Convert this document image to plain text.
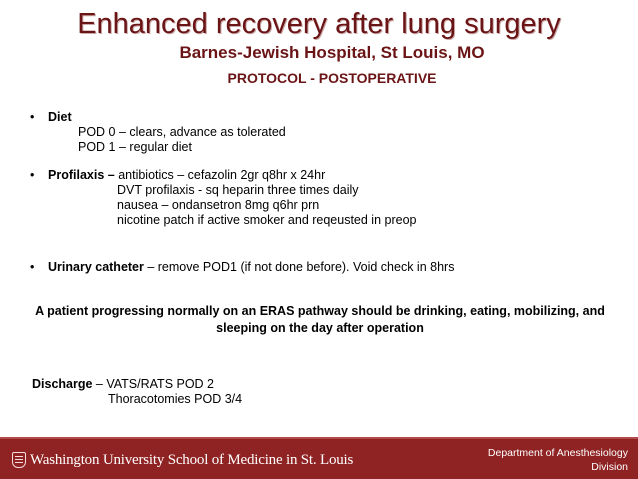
Enhanced recovery after lung surgery
Barnes-Jewish Hospital, St Louis, MO
PROTOCOL - POSTOPERATIVE
• Diet
POD 0 – clears, advance as tolerated
POD 1 – regular diet
• Profilaxis – antibiotics – cefazolin 2gr q8hr x 24hr
DVT profilaxis - sq heparin three times daily
nausea – ondansetron 8mg q6hr prn
nicotine patch if active smoker and reqeusted in preop
• Urinary catheter – remove POD1 (if not done before). Void check in 8hrs
A patient progressing normally on an ERAS pathway should be drinking, eating, mobilizing, and sleeping on the day after operation
Discharge – VATS/RATS POD 2
Thoracotomies POD 3/4
Washington University School of Medicine in St. Louis	Department of Anesthesiology
Division
